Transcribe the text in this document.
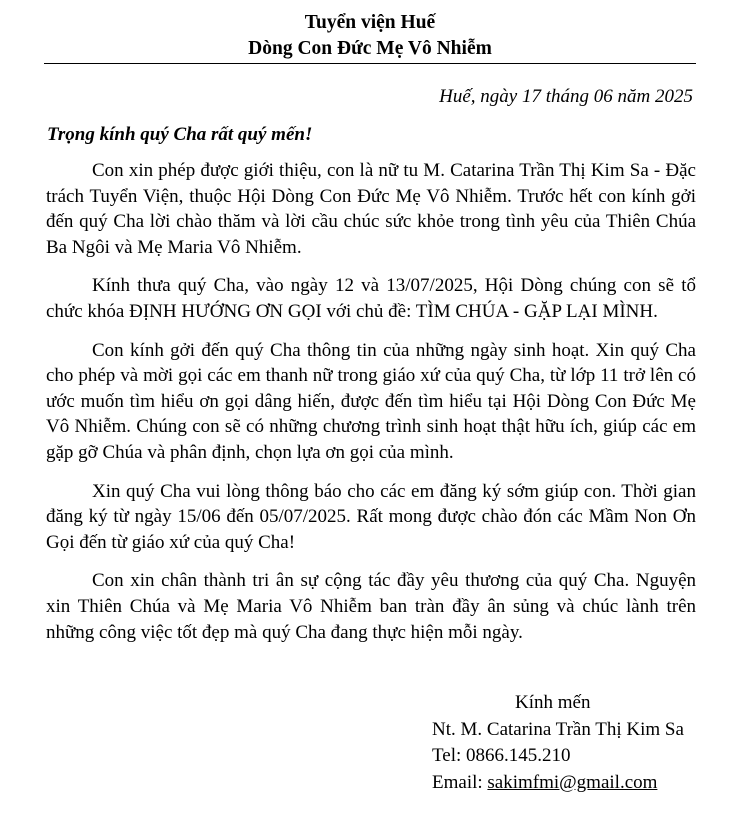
Tuyển viện Huế
Dòng Con Đức Mẹ Vô Nhiễm
Huế, ngày 17 tháng 06 năm 2025
Trọng kính quý Cha rất quý mến!

Con xin phép được giới thiệu, con là nữ tu M. Catarina Trần Thị Kim Sa - Đặc trách Tuyển Viện, thuộc Hội Dòng Con Đức Mẹ Vô Nhiễm. Trước hết con kính gởi đến quý Cha lời chào thăm và lời cầu chúc sức khỏe trong tình yêu của Thiên Chúa Ba Ngôi và Mẹ Maria Vô Nhiễm.

Kính thưa quý Cha, vào ngày 12 và 13/07/2025, Hội Dòng chúng con sẽ tổ chức khóa ĐỊNH HƯỚNG ƠN GỌI với chủ đề: TÌM CHÚA - GẶP LẠI MÌNH.

Con kính gởi đến quý Cha thông tin của những ngày sinh hoạt. Xin quý Cha cho phép và mời gọi các em thanh nữ trong giáo xứ của quý Cha, từ lớp 11 trở lên có ước muốn tìm hiểu ơn gọi dâng hiến, được đến tìm hiểu tại Hội Dòng Con Đức Mẹ Vô Nhiễm. Chúng con sẽ có những chương trình sinh hoạt thật hữu ích, giúp các em gặp gỡ Chúa và phân định, chọn lựa ơn gọi của mình.

Xin quý Cha vui lòng thông báo cho các em đăng ký sớm giúp con. Thời gian đăng ký từ ngày 15/06 đến 05/07/2025. Rất mong được chào đón các Mầm Non Ơn Gọi đến từ giáo xứ của quý Cha!

Con xin chân thành tri ân sự cộng tác đầy yêu thương của quý Cha. Nguyện xin Thiên Chúa và Mẹ Maria Vô Nhiễm ban tràn đầy ân sủng và chúc lành trên những công việc tốt đẹp mà quý Cha đang thực hiện mỗi ngày.

Kính mến
Nt. M. Catarina Trần Thị Kim Sa
Tel: 0866.145.210
Email: sakimfmi@gmail.com
